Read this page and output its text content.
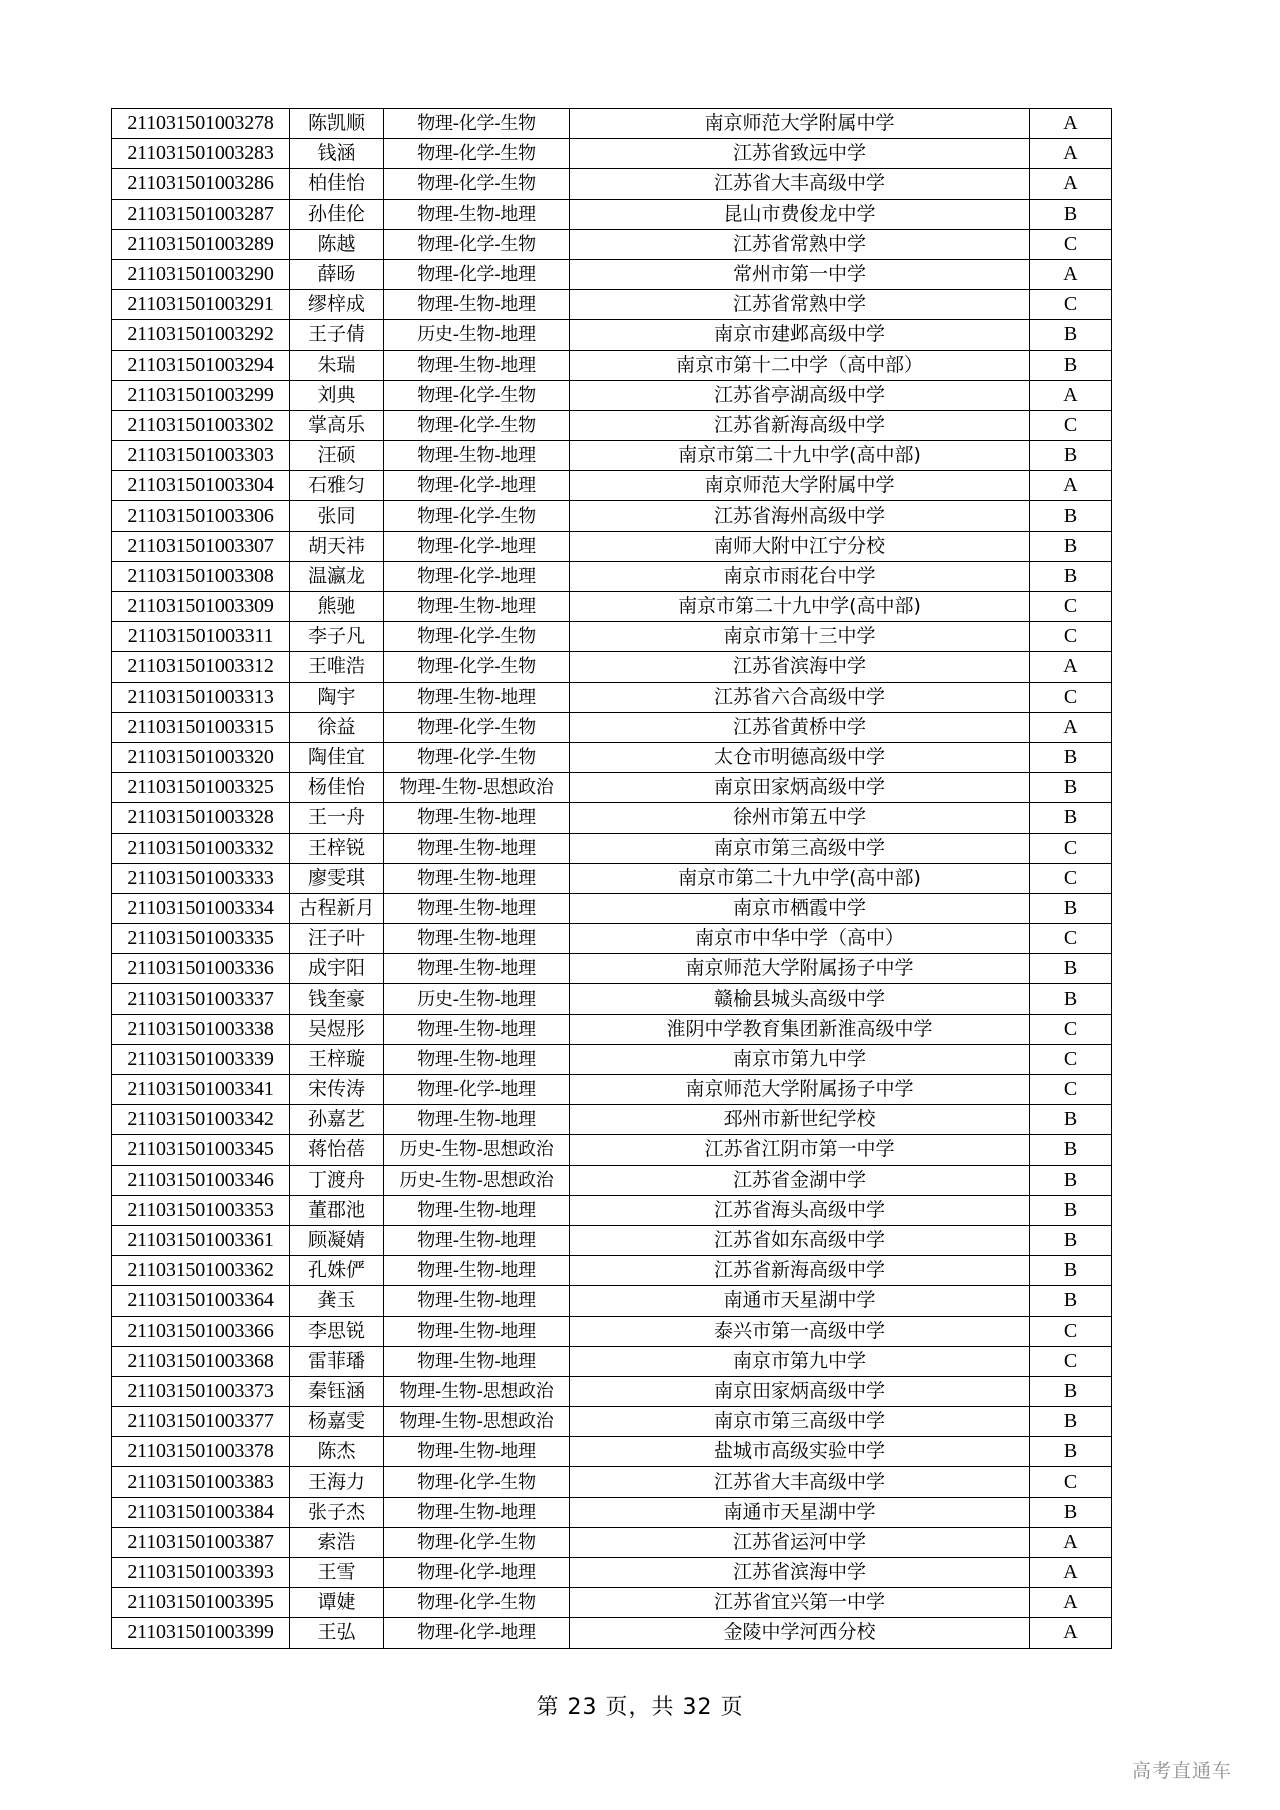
211031501003278	陈凯顺	物理-化学-生物	南京师范大学附属中学	A
211031501003283	钱涵	物理-化学-生物	江苏省致远中学	A
211031501003286	柏佳怡	物理-化学-生物	江苏省大丰高级中学	A
211031501003287	孙佳伦	物理-生物-地理	昆山市费俊龙中学	B
211031501003289	陈越	物理-化学-生物	江苏省常熟中学	C
211031501003290	薛旸	物理-化学-地理	常州市第一中学	A
211031501003291	缪梓成	物理-生物-地理	江苏省常熟中学	C
211031501003292	王子倩	历史-生物-地理	南京市建邺高级中学	B
211031501003294	朱瑞	物理-生物-地理	南京市第十二中学（高中部）	B
211031501003299	刘典	物理-化学-生物	江苏省亭湖高级中学	A
211031501003302	掌高乐	物理-化学-生物	江苏省新海高级中学	C
211031501003303	汪硕	物理-生物-地理	南京市第二十九中学(高中部)	B
211031501003304	石雅匀	物理-化学-地理	南京师范大学附属中学	A
211031501003306	张同	物理-化学-生物	江苏省海州高级中学	B
211031501003307	胡天祎	物理-化学-地理	南师大附中江宁分校	B
211031501003308	温瀛龙	物理-化学-地理	南京市雨花台中学	B
211031501003309	熊驰	物理-生物-地理	南京市第二十九中学(高中部)	C
211031501003311	李子凡	物理-化学-生物	南京市第十三中学	C
211031501003312	王唯浩	物理-化学-生物	江苏省滨海中学	A
211031501003313	陶宇	物理-生物-地理	江苏省六合高级中学	C
211031501003315	徐益	物理-化学-生物	江苏省黄桥中学	A
211031501003320	陶佳宜	物理-化学-生物	太仓市明德高级中学	B
211031501003325	杨佳怡	物理-生物-思想政治	南京田家炳高级中学	B
211031501003328	王一舟	物理-生物-地理	徐州市第五中学	B
211031501003332	王梓锐	物理-生物-地理	南京市第三高级中学	C
211031501003333	廖雯琪	物理-生物-地理	南京市第二十九中学(高中部)	C
211031501003334	古程新月	物理-生物-地理	南京市栖霞中学	B
211031501003335	汪子叶	物理-生物-地理	南京市中华中学（高中）	C
211031501003336	成宇阳	物理-生物-地理	南京师范大学附属扬子中学	B
211031501003337	钱奎豪	历史-生物-地理	赣榆县城头高级中学	B
211031501003338	吴煜彤	物理-生物-地理	淮阴中学教育集团新淮高级中学	C
211031501003339	王梓璇	物理-生物-地理	南京市第九中学	C
211031501003341	宋传涛	物理-化学-地理	南京师范大学附属扬子中学	C
211031501003342	孙嘉艺	物理-生物-地理	邳州市新世纪学校	B
211031501003345	蒋怡蓓	历史-生物-思想政治	江苏省江阴市第一中学	B
211031501003346	丁渡舟	历史-生物-思想政治	江苏省金湖中学	B
211031501003353	董郡池	物理-生物-地理	江苏省海头高级中学	B
211031501003361	顾凝婧	物理-生物-地理	江苏省如东高级中学	B
211031501003362	孔姝俨	物理-生物-地理	江苏省新海高级中学	B
211031501003364	龚玉	物理-生物-地理	南通市天星湖中学	B
211031501003366	李思锐	物理-生物-地理	泰兴市第一高级中学	C
211031501003368	雷菲璠	物理-生物-地理	南京市第九中学	C
211031501003373	秦钰涵	物理-生物-思想政治	南京田家炳高级中学	B
211031501003377	杨嘉雯	物理-生物-思想政治	南京市第三高级中学	B
211031501003378	陈杰	物理-生物-地理	盐城市高级实验中学	B
211031501003383	王海力	物理-化学-生物	江苏省大丰高级中学	C
211031501003384	张子杰	物理-生物-地理	南通市天星湖中学	B
211031501003387	索浩	物理-化学-生物	江苏省运河中学	A
211031501003393	王雪	物理-化学-地理	江苏省滨海中学	A
211031501003395	谭婕	物理-化学-生物	江苏省宜兴第一中学	A
211031501003399	王弘	物理-化学-地理	金陵中学河西分校	A
第 23 页，共 32 页
高考直通车
